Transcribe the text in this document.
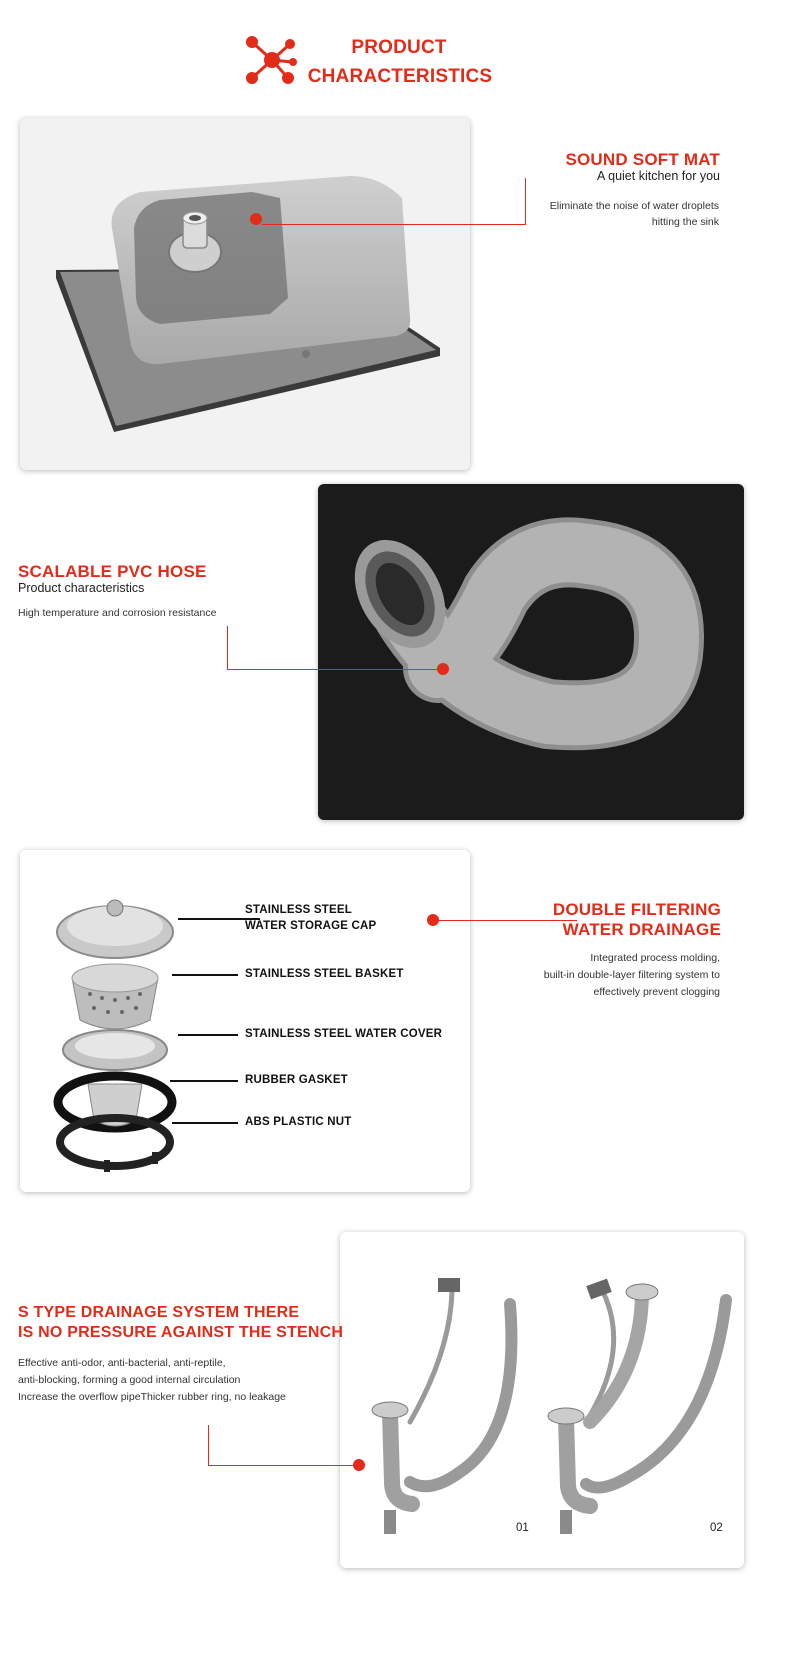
PRODUCT
CHARACTERISTICS
SOUND SOFT MAT
A quiet kitchen for you
Eliminate the noise of water droplets
hitting the sink
SCALABLE PVC HOSE
Product characteristics
High temperature and corrosion resistance
STAINLESS STEEL
WATER STORAGE CAP
STAINLESS STEEL BASKET
STAINLESS STEEL WATER COVER
RUBBER GASKET
ABS PLASTIC NUT
DOUBLE FILTERING
WATER DRAINAGE
Integrated process molding,
built-in double-layer filtering system to
effectively prevent clogging
01	02
S TYPE DRAINAGE SYSTEM THERE
IS NO PRESSURE AGAINST THE STENCH
Effective anti-odor, anti-bacterial, anti-reptile,
anti-blocking, forming a good internal circulation
Increase the overflow pipeThicker rubber ring, no leakage
